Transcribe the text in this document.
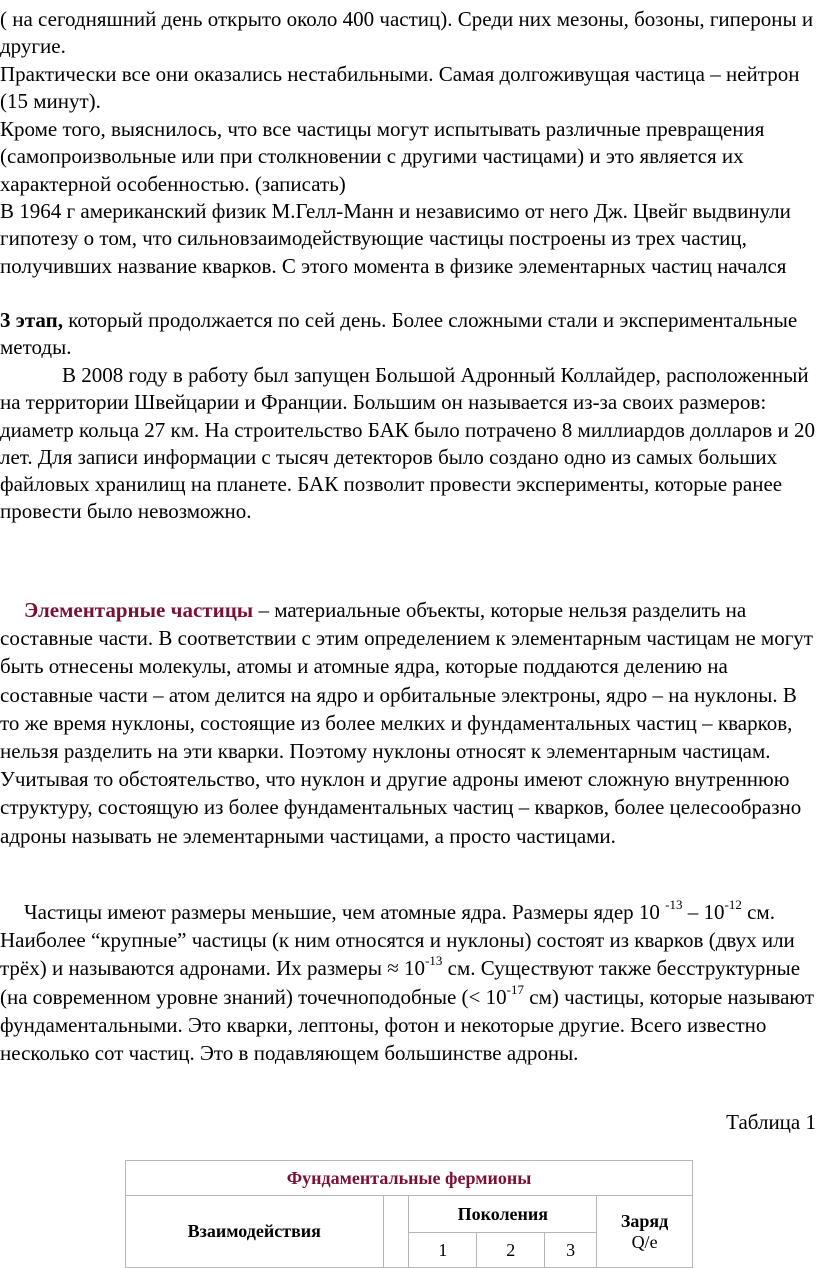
( на сегодняшний день открыто около 400 частиц). Среди них мезоны, бозоны, гипероны и другие.

Практически все они оказались нестабильными. Самая долгоживущая частица – нейтрон (15 минут).

Кроме того, выяснилось, что все частицы могут испытывать различные превращения (самопроизвольные или при столкновении с другими частицами) и это является их характерной особенностью. (записать)

В 1964 г американский физик М.Гелл-Манн и независимо от него Дж. Цвейг выдвинули гипотезу о том, что сильновзаимодействующие частицы построены из трех частиц, получивших название кварков. С этого момента в физике элементарных частиц начался

3 этап, который продолжается по сей день. Более сложными стали и экспериментальные методы.

В 2008 году в работу был запущен Большой Адронный Коллайдер, расположенный на территории Швейцарии и Франции. Большим он называется из-за своих размеров: диаметр кольца 27 км. На строительство БАК было потрачено 8 миллиардов долларов и 20 лет. Для записи информации с тысяч детекторов было создано одно из самых больших файловых хранилищ на планете. БАК позволит провести эксперименты, которые ранее провести было невозможно.

Элементарные частицы – материальные объекты, которые нельзя разделить на составные части. В соответствии с этим определением к элементарным частицам не могут быть отнесены молекулы, атомы и атомные ядра, которые поддаются делению на составные части – атом делится на ядро и орбитальные электроны, ядро – на нуклоны. В то же время нуклоны, состоящие из более мелких и фундаментальных частиц – кварков, нельзя разделить на эти кварки. Поэтому нуклоны относят к элементарным частицам. Учитывая то обстоятельство, что нуклон и другие адроны имеют сложную внутреннюю структуру, состоящую из более фундаментальных частиц – кварков, более целесообразно адроны называть не элементарными частицами, а просто частицами.

Частицы имеют размеры меньшие, чем атомные ядра. Размеры ядер 10 $^{-13} - 10^{-12}$ см. Наиболее “крупные” частицы (к ним относятся и нуклоны) состоят из кварков (двух или трёх) и называются адронами. Их размеры ≈ $10^{-13}$ см. Существуют также бесструктурные (на современном уровне знаний) точечноподобные (< $10^{-17}$ см) частицы, которые называют фундаментальными. Это кварки, лептоны, фотон и некоторые другие. Всего известно несколько сот частиц. Это в подавляющем большинстве адроны.

Таблица 1
Фундаментальные фермионы					
Взаимодействия		Поколения			Заряд
Q/e

		1	2	3	
